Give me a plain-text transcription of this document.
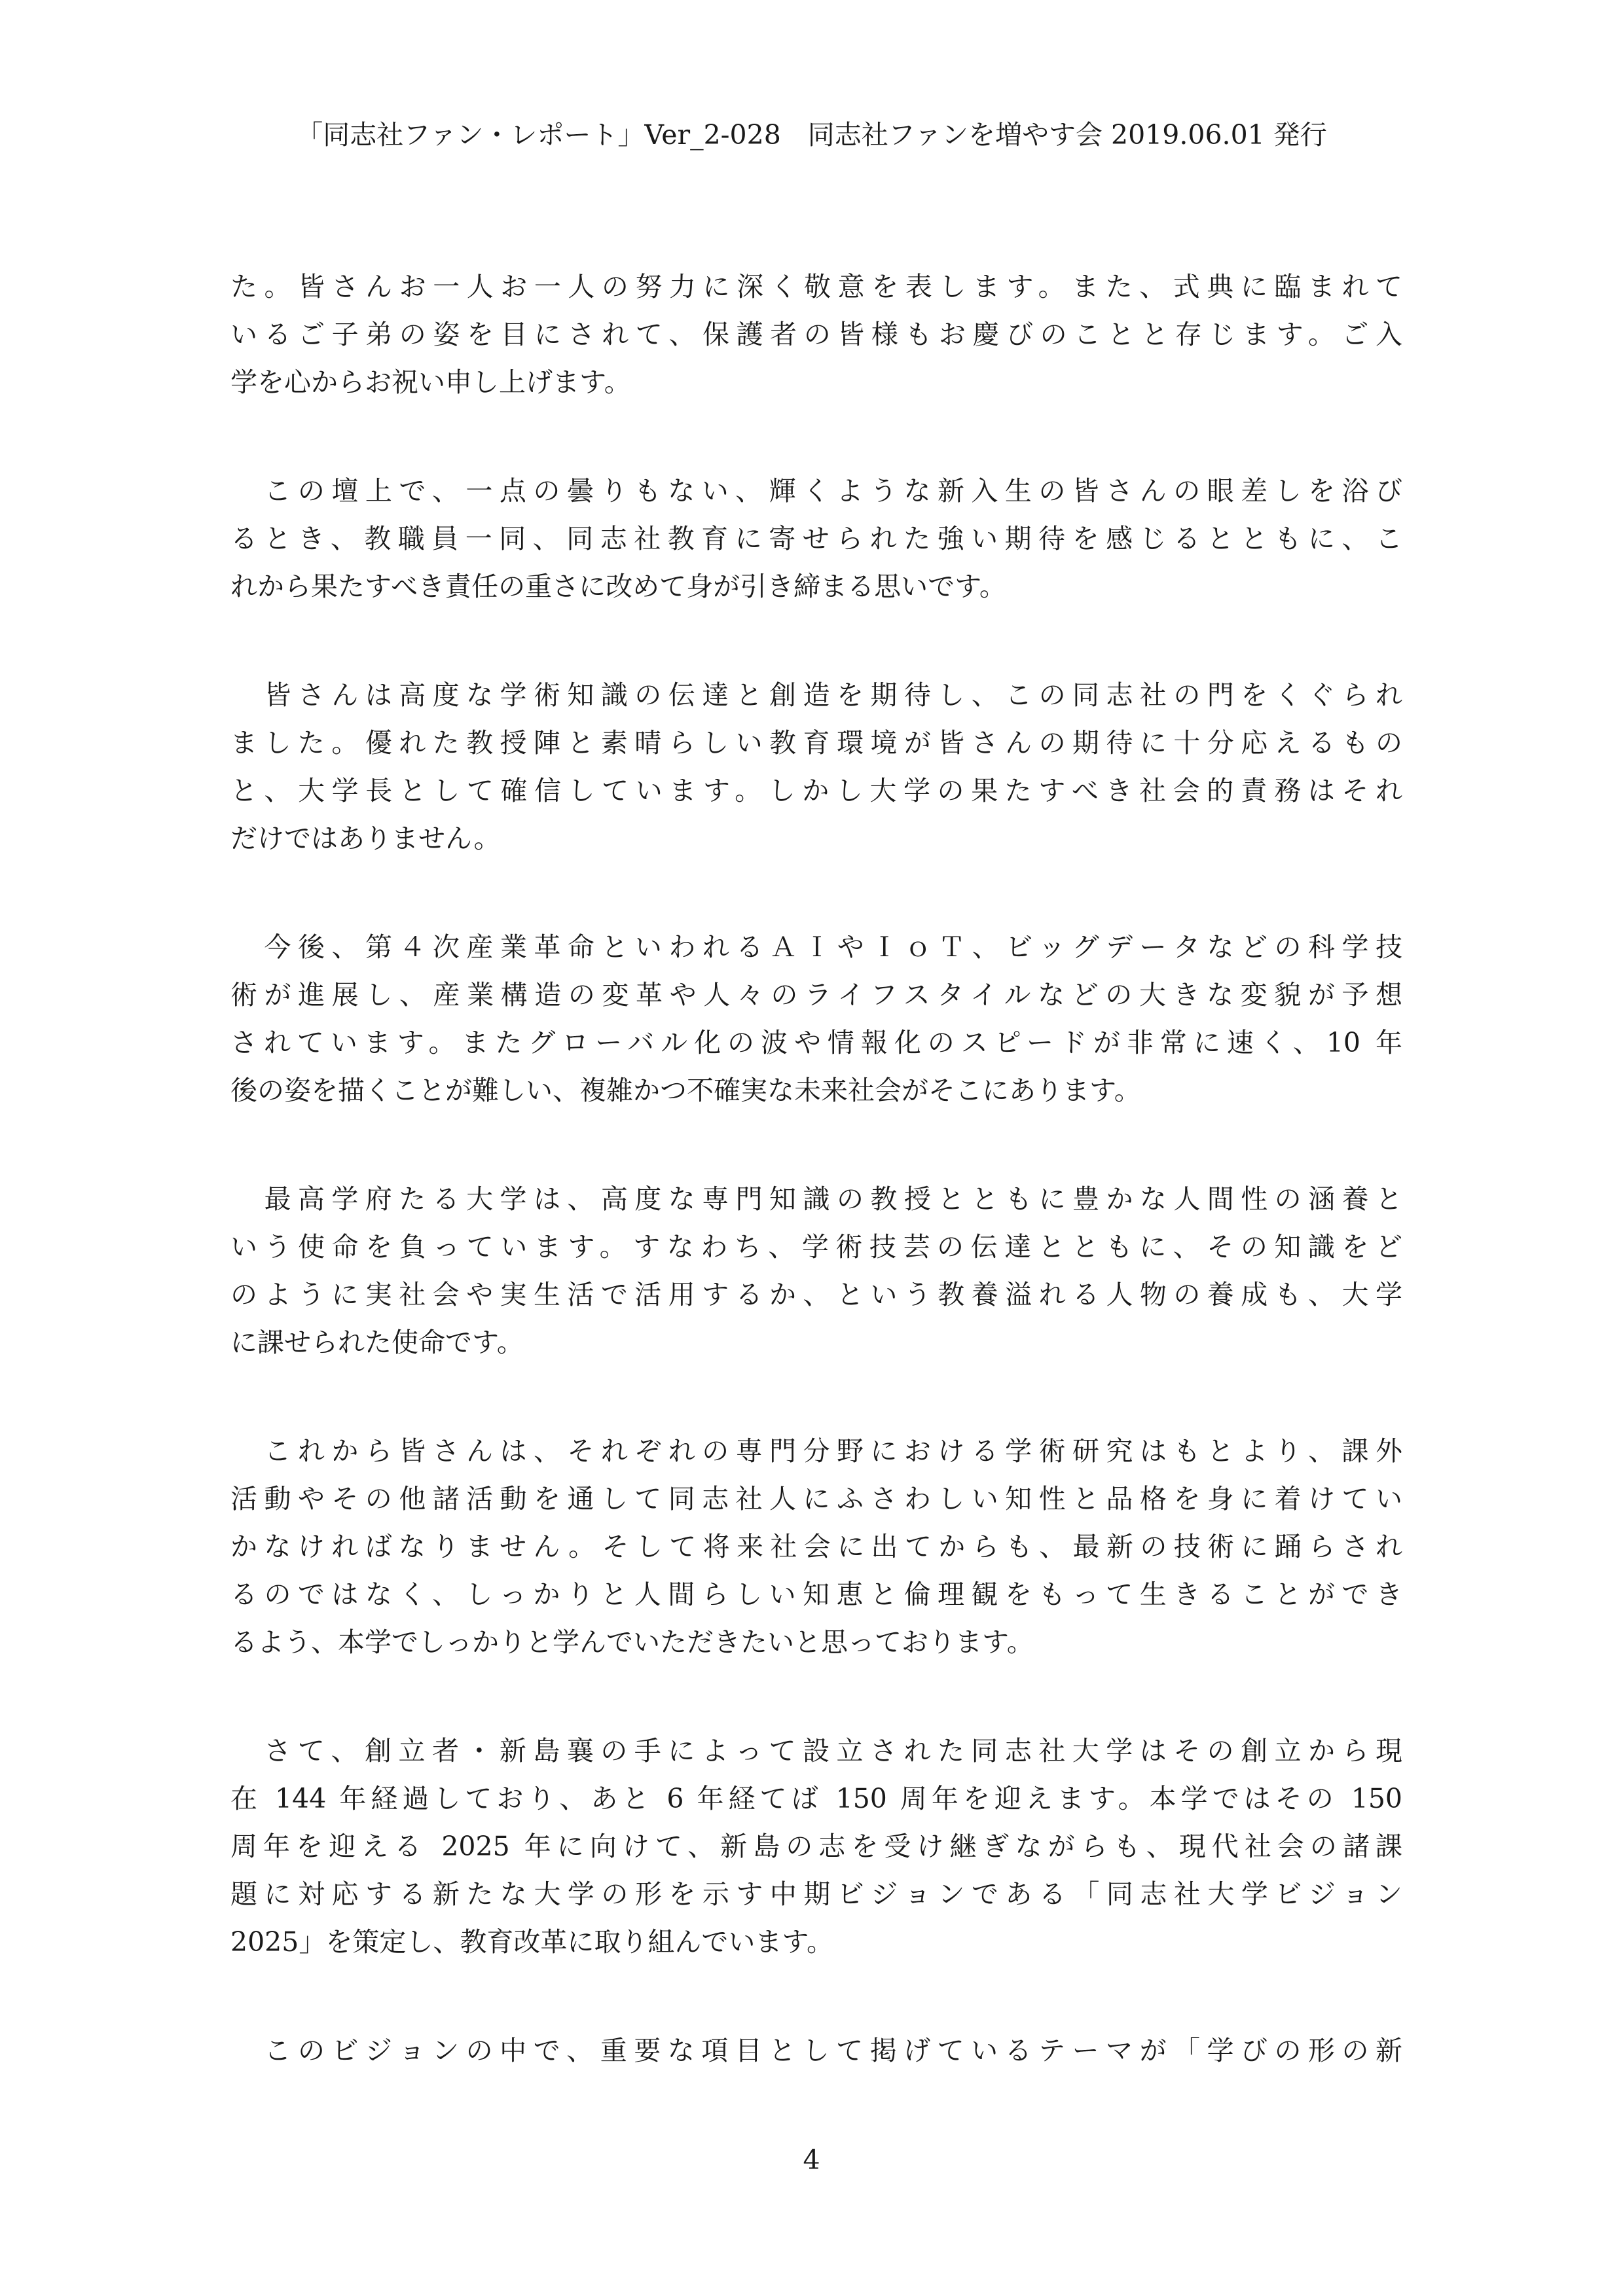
「同志社ファン・レポート」Ver_2-028　同志社ファンを増やす会 2019.06.01 発行
た。皆さんお一人お一人の努力に深く敬意を表します。また、式典に臨まれて
いるご子弟の姿を目にされて、保護者の皆様もお慶びのことと存じます。ご入
学を心からお祝い申し上げます。
　この壇上で、一点の曇りもない、輝くような新入生の皆さんの眼差しを浴び
るとき、教職員一同、同志社教育に寄せられた強い期待を感じるとともに、こ
れから果たすべき責任の重さに改めて身が引き締まる思いです。
　皆さんは高度な学術知識の伝達と創造を期待し、この同志社の門をくぐられ
ました。優れた教授陣と素晴らしい教育環境が皆さんの期待に十分応えるもの
と、大学長として確信しています。しかし大学の果たすべき社会的責務はそれ
だけではありません。
　今後、第４次産業革命といわれるＡＩやＩｏＴ、ビッグデータなどの科学技
術が進展し、産業構造の変革や人々のライフスタイルなどの大きな変貌が予想
されています。またグローバル化の波や情報化のスピードが非常に速く、10 年
後の姿を描くことが難しい、複雑かつ不確実な未来社会がそこにあります。
　最高学府たる大学は、高度な専門知識の教授とともに豊かな人間性の涵養と
いう使命を負っています。すなわち、学術技芸の伝達とともに、その知識をど
のように実社会や実生活で活用するか、という教養溢れる人物の養成も、大学
に課せられた使命です。
　これから皆さんは、それぞれの専門分野における学術研究はもとより、課外
活動やその他諸活動を通して同志社人にふさわしい知性と品格を身に着けてい
かなければなりません。そして将来社会に出てからも、最新の技術に踊らされ
るのではなく、しっかりと人間らしい知恵と倫理観をもって生きることができ
るよう、本学でしっかりと学んでいただきたいと思っております。
　さて、創立者・新島襄の手によって設立された同志社大学はその創立から現
在 144 年経過しており、あと 6 年経てば 150 周年を迎えます。本学ではその 150
周年を迎える 2025 年に向けて、新島の志を受け継ぎながらも、現代社会の諸課
題に対応する新たな大学の形を示す中期ビジョンである「同志社大学ビジョン
2025」を策定し、教育改革に取り組んでいます。
　このビジョンの中で、重要な項目として掲げているテーマが「学びの形の新
4
